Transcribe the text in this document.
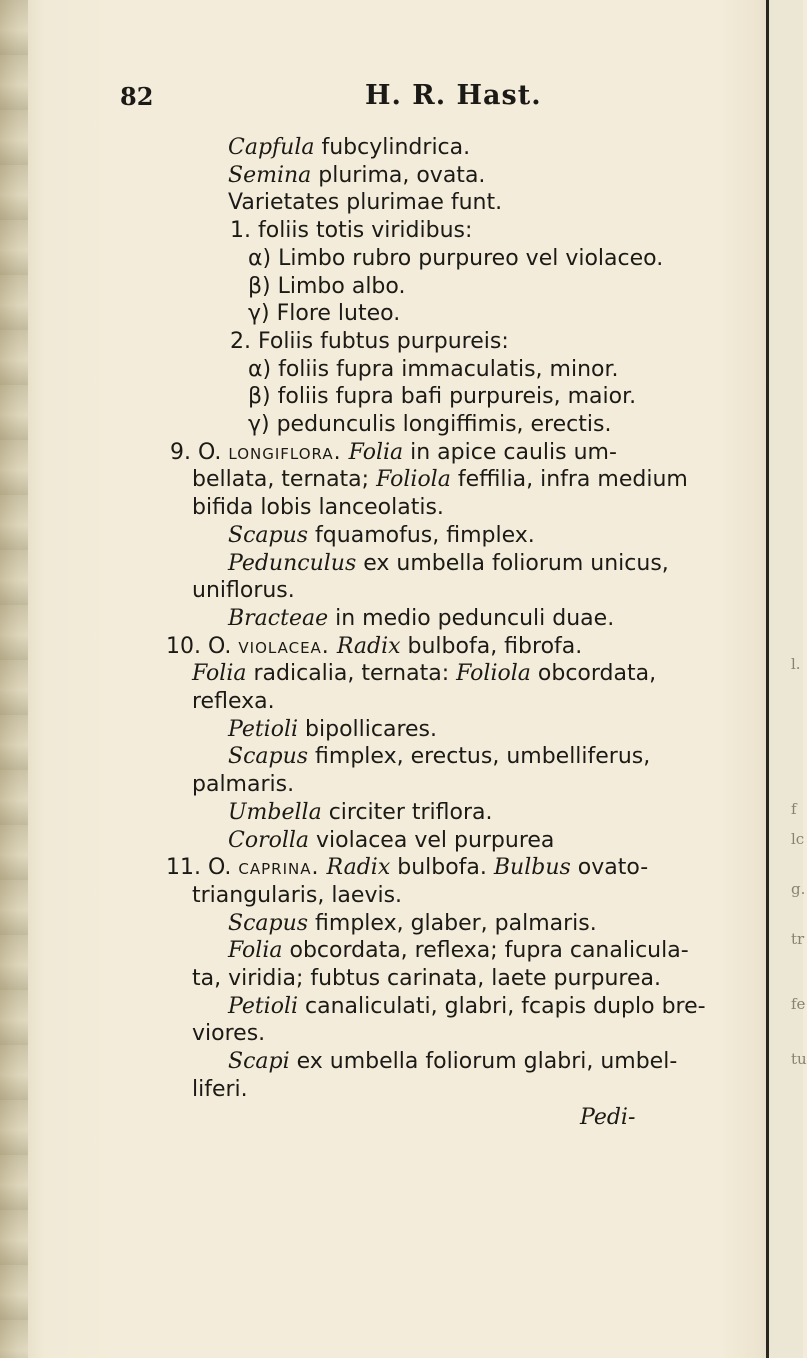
l.
f
lc
g.
tr
fe
tu
82	H. R. Hast.
Capfula fubcylindrica.
Semina plurima, ovata.
Varietates plurimae funt.
1. foliis totis viridibus:
α) Limbo rubro purpureo vel violaceo.
β) Limbo albo.
γ) Flore luteo.
2. Foliis fubtus purpureis:
α) foliis fupra immaculatis, minor.
β) foliis fupra bafi purpureis, maior.
γ) pedunculis longiffimis, erectis.
9. O. longiflora. Folia in apice caulis um-
bellata, ternata; Foliola feffilia, infra medium
bifida lobis lanceolatis.
Scapus fquamofus, fimplex.
Pedunculus ex umbella foliorum unicus,
uniflorus.
Bracteae in medio pedunculi duae.
10. O. violacea. Radix bulbofa, fibrofa.
Folia radicalia, ternata: Foliola obcordata,
reflexa.
Petioli bipollicares.
Scapus fimplex, erectus, umbelliferus,
palmaris.
Umbella circiter triflora.
Corolla violacea vel purpurea
11. O. caprina. Radix bulbofa. Bulbus ovato-
triangularis, laevis.
Scapus fimplex, glaber, palmaris.
Folia obcordata, reflexa; fupra canalicula-
ta, viridia; fubtus carinata, laete purpurea.
Petioli canaliculati, glabri, fcapis duplo bre-
viores.
Scapi ex umbella foliorum glabri, umbel-
liferi.
Pedi-
